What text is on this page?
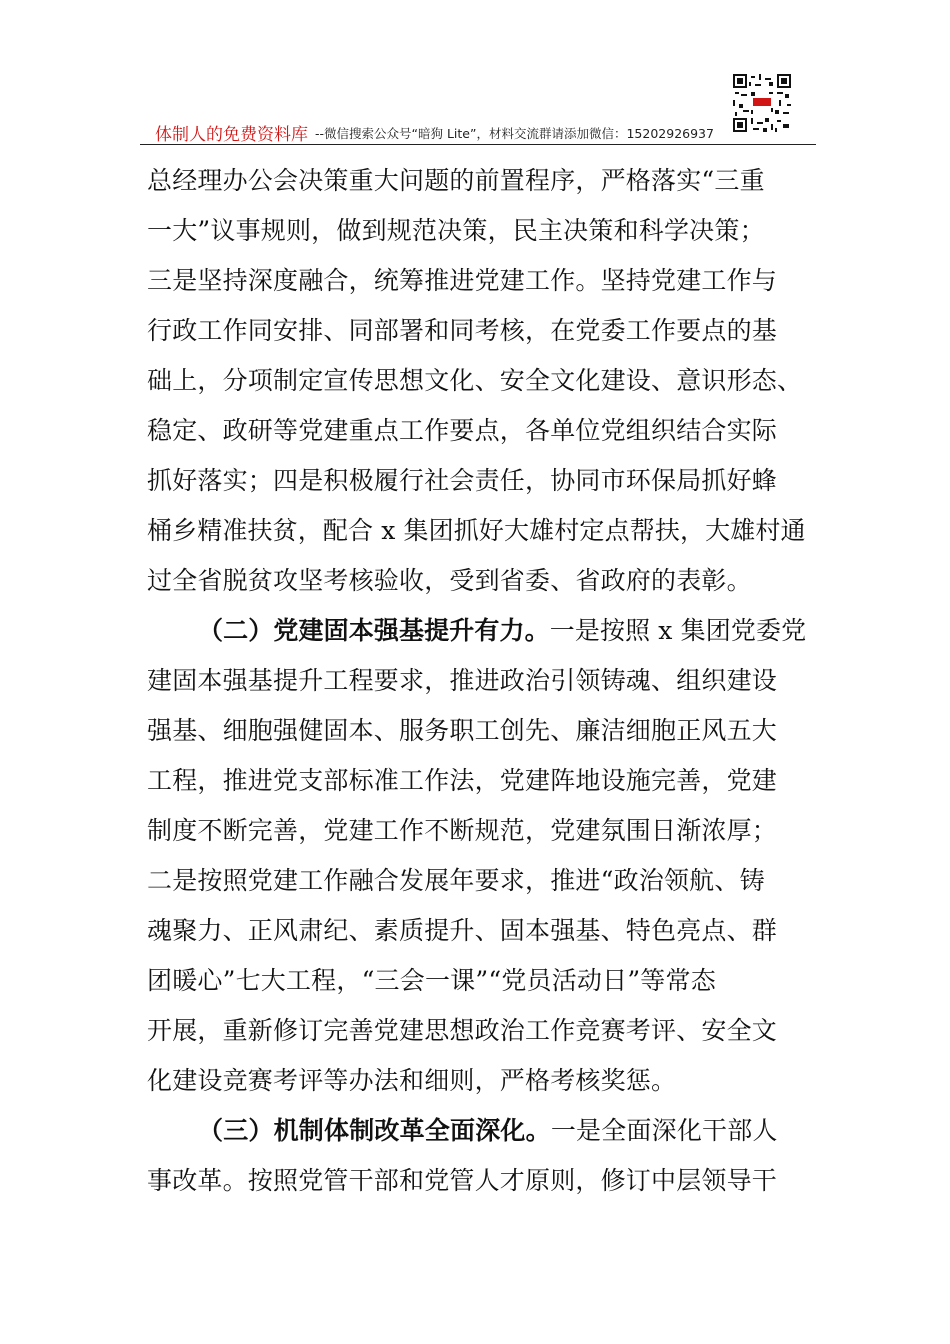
体制人的免费资料库 --微信搜索公众号“暗狗 Lite”，材料交流群请添加微信：15202926937
总经理办公会决策重大问题的前置程序，严格落实“三重
一大”议事规则，做到规范决策，民主决策和科学决策；
三是坚持深度融合，统筹推进党建工作。坚持党建工作与
行政工作同安排、同部署和同考核，在党委工作要点的基
础上，分项制定宣传思想文化、安全文化建设、意识形态、
稳定、政研等党建重点工作要点，各单位党组织结合实际
抓好落实；四是积极履行社会责任，协同市环保局抓好蜂
桶乡精准扶贫，配合 x 集团抓好大雄村定点帮扶，大雄村通
过全省脱贫攻坚考核验收，受到省委、省政府的表彰。
（二）党建固本强基提升有力。一是按照 x 集团党委党
建固本强基提升工程要求，推进政治引领铸魂、组织建设
强基、细胞强健固本、服务职工创先、廉洁细胞正风五大
工程，推进党支部标准工作法，党建阵地设施完善，党建
制度不断完善，党建工作不断规范，党建氛围日渐浓厚；
二是按照党建工作融合发展年要求，推进“政治领航、铸
魂聚力、正风肃纪、素质提升、固本强基、特色亮点、群
团暖心”七大工程，“三会一课”“党员活动日”等常态
开展，重新修订完善党建思想政治工作竞赛考评、安全文
化建设竞赛考评等办法和细则，严格考核奖惩。
（三）机制体制改革全面深化。一是全面深化干部人
事改革。按照党管干部和党管人才原则，修订中层领导干
